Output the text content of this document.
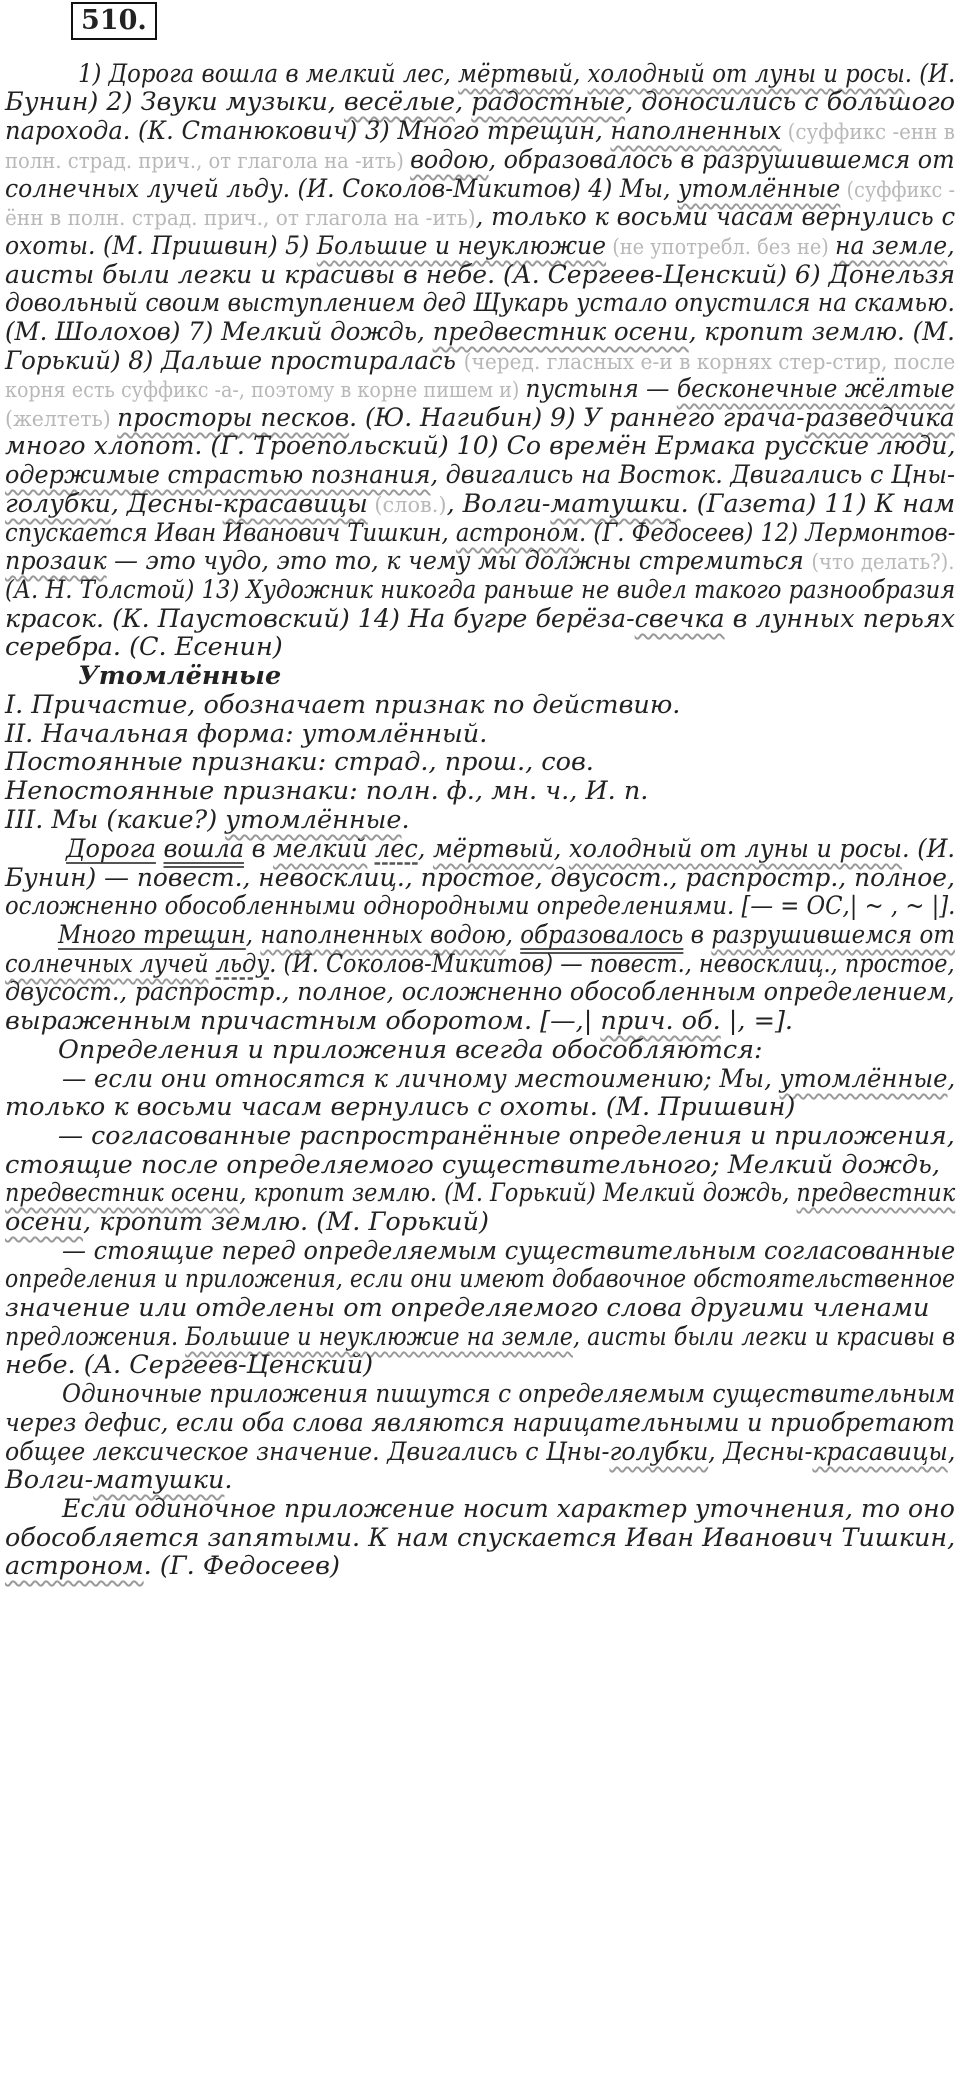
510.
1) Дорога вошла в мелкий лес, мёртвый, холодный от луны и росы. (И.
Бунин) 2) Звуки музыки, весёлые, радостные, доносились с большого
парохода. (К. Станюкович) 3) Много трещин, наполненных (суффикс -енн в
полн. страд. прич., от глагола на -ить) водою, образовалось в разрушившемся от
солнечных лучей льду. (И. Соколов-Микитов) 4) Мы, утомлённые (суффикс -
ённ в полн. страд. прич., от глагола на -ить), только к восьми часам вернулись с
охоты. (М. Пришвин) 5) Большие и неуклюжие (не употребл. без не) на земле,
аисты были легки и красивы в небе. (А. Сергеев-Ценский) 6) Донельзя
довольный своим выступлением дед Щукарь устало опустился на скамью.
(М. Шолохов) 7) Мелкий дождь, предвестник осени, кропит землю. (М.
Горький) 8) Дальше простиралась (черед. гласных е-и в корнях стер-стир, после
корня есть суффикс -а-, поэтому в корне пишем и) пустыня — бесконечные жёлтые
(желтеть) просторы песков. (Ю. Нагибин) 9) У раннего грача-разведчика
много хлопот. (Г. Троепольский) 10) Со времён Ермака русские люди,
одержимые страстью познания, двигались на Восток. Двигались с Цны-
голубки, Десны-красавицы (слов.), Волги-матушки. (Газета) 11) К нам
спускается Иван Иванович Тишкин, астроном. (Г. Федосеев) 12) Лермонтов-
прозаик — это чудо, это то, к чему мы должны стремиться (что делать?).
(А. Н. Толстой) 13) Художник никогда раньше не видел такого разнообразия
красок. (К. Паустовский) 14) На бугре берёза-свечка в лунных перьях
серебра. (С. Есенин)
Утомлённые
I. Причастие, обозначает признак по действию.
II. Начальная форма: утомлённый.
Постоянные признаки: страд., прош., сов.
Непостоянные признаки: полн. ф., мн. ч., И. п.
III. Мы (какие?) утомлённые.
Дорога вошла в мелкий лес, мёртвый, холодный от луны и росы. (И.
Бунин) — повест., невосклиц., простое, двусост., распростр., полное,
осложненно обособленными однородными определениями. [— = ОС,| ~ , ~ |].
Много трещин, наполненных водою, образовалось в разрушившемся от
солнечных лучей льду. (И. Соколов-Микитов) — повест., невосклиц., простое,
двусост., распростр., полное, осложненно обособленным определением,
выраженным причастным оборотом. [—,| прич. об. |, =].
Определения и приложения всегда обособляются:
— если они относятся к личному местоимению; Мы, утомлённые,
только к восьми часам вернулись с охоты. (М. Пришвин)
— согласованные распространённые определения и приложения,
стоящие после определяемого существительного; Мелкий дождь,
предвестник осени, кропит землю. (М. Горький) Мелкий дождь, предвестник
осени, кропит землю. (М. Горький)
— стоящие перед определяемым существительным согласованные
определения и приложения, если они имеют добавочное обстоятельственное
значение или отделены от определяемого слова другими членами
предложения. Большие и неуклюжие на земле, аисты были легки и красивы в
небе. (А. Сергеев-Ценский)
Одиночные приложения пишутся с определяемым существительным
через дефис, если оба слова являются нарицательными и приобретают
общее лексическое значение. Двигались с Цны-голубки, Десны-красавицы,
Волги-матушки.
Если одиночное приложение носит характер уточнения, то оно
обособляется запятыми. К нам спускается Иван Иванович Тишкин,
астроном. (Г. Федосеев)
